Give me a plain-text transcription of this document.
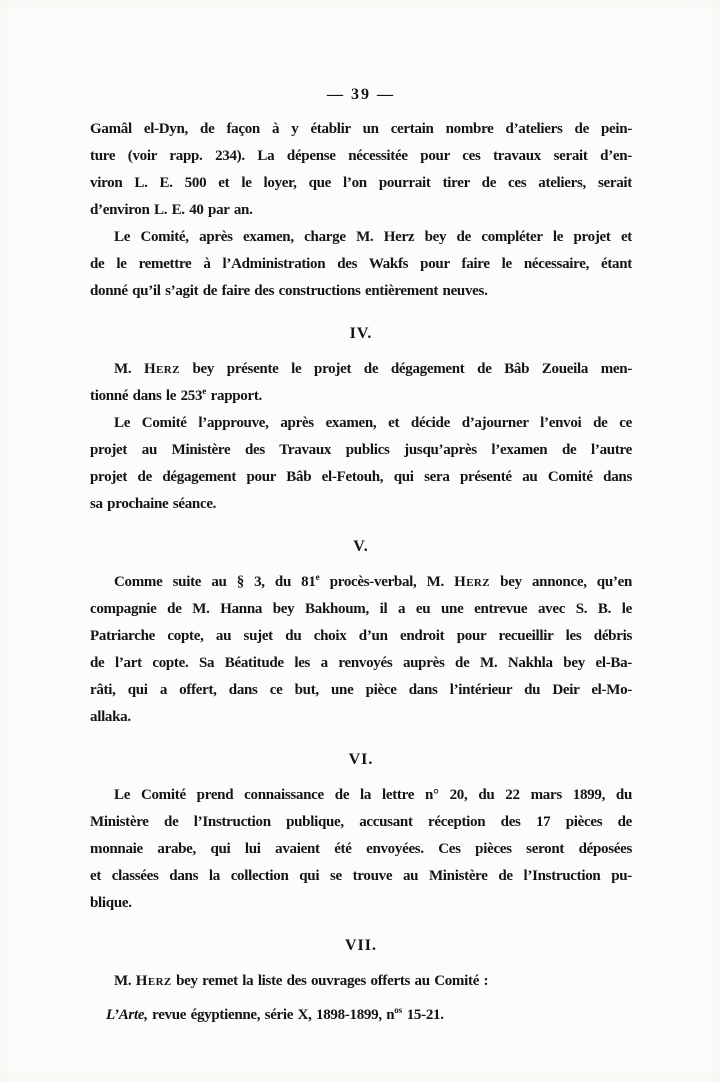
— 39 —
Gamâl el-Dyn, de façon à y établir un certain nombre d’ateliers de pein-
ture (voir rapp. 234). La dépense nécessitée pour ces travaux serait d’en-
viron L. E. 500 et le loyer, que l’on pourrait tirer de ces ateliers, serait
d’environ L. E. 40 par an.
Le Comité, après examen, charge M. Herz bey de compléter le projet et
de le remettre à l’Administration des Wakfs pour faire le nécessaire, étant
donné qu’il s’agit de faire des constructions entièrement neuves.
IV.
M. Herz bey présente le projet de dégagement de Bâb Zoueila men-
tionné dans le 253e rapport.
Le Comité l’approuve, après examen, et décide d’ajourner l’envoi de ce
projet au Ministère des Travaux publics jusqu’après l’examen de l’autre
projet de dégagement pour Bâb el-Fetouh, qui sera présenté au Comité dans
sa prochaine séance.
V.
Comme suite au § 3, du 81e procès-verbal, M. Herz bey annonce, qu’en
compagnie de M. Hanna bey Bakhoum, il a eu une entrevue avec S. B. le
Patriarche copte, au sujet du choix d’un endroit pour recueillir les débris
de l’art copte. Sa Béatitude les a renvoyés auprès de M. Nakhla bey el-Ba-
râti, qui a offert, dans ce but, une pièce dans l’intérieur du Deir el-Mo-
allaka.
VI.
Le Comité prend connaissance de la lettre n° 20, du 22 mars 1899, du
Ministère de l’Instruction publique, accusant réception des 17 pièces de
monnaie arabe, qui lui avaient été envoyées. Ces pièces seront déposées
et classées dans la collection qui se trouve au Ministère de l’Instruction pu-
blique.
VII.
M. Herz bey remet la liste des ouvrages offerts au Comité :
L’Arte, revue égyptienne, série X, 1898-1899, $n^{os}$ 15-21.
